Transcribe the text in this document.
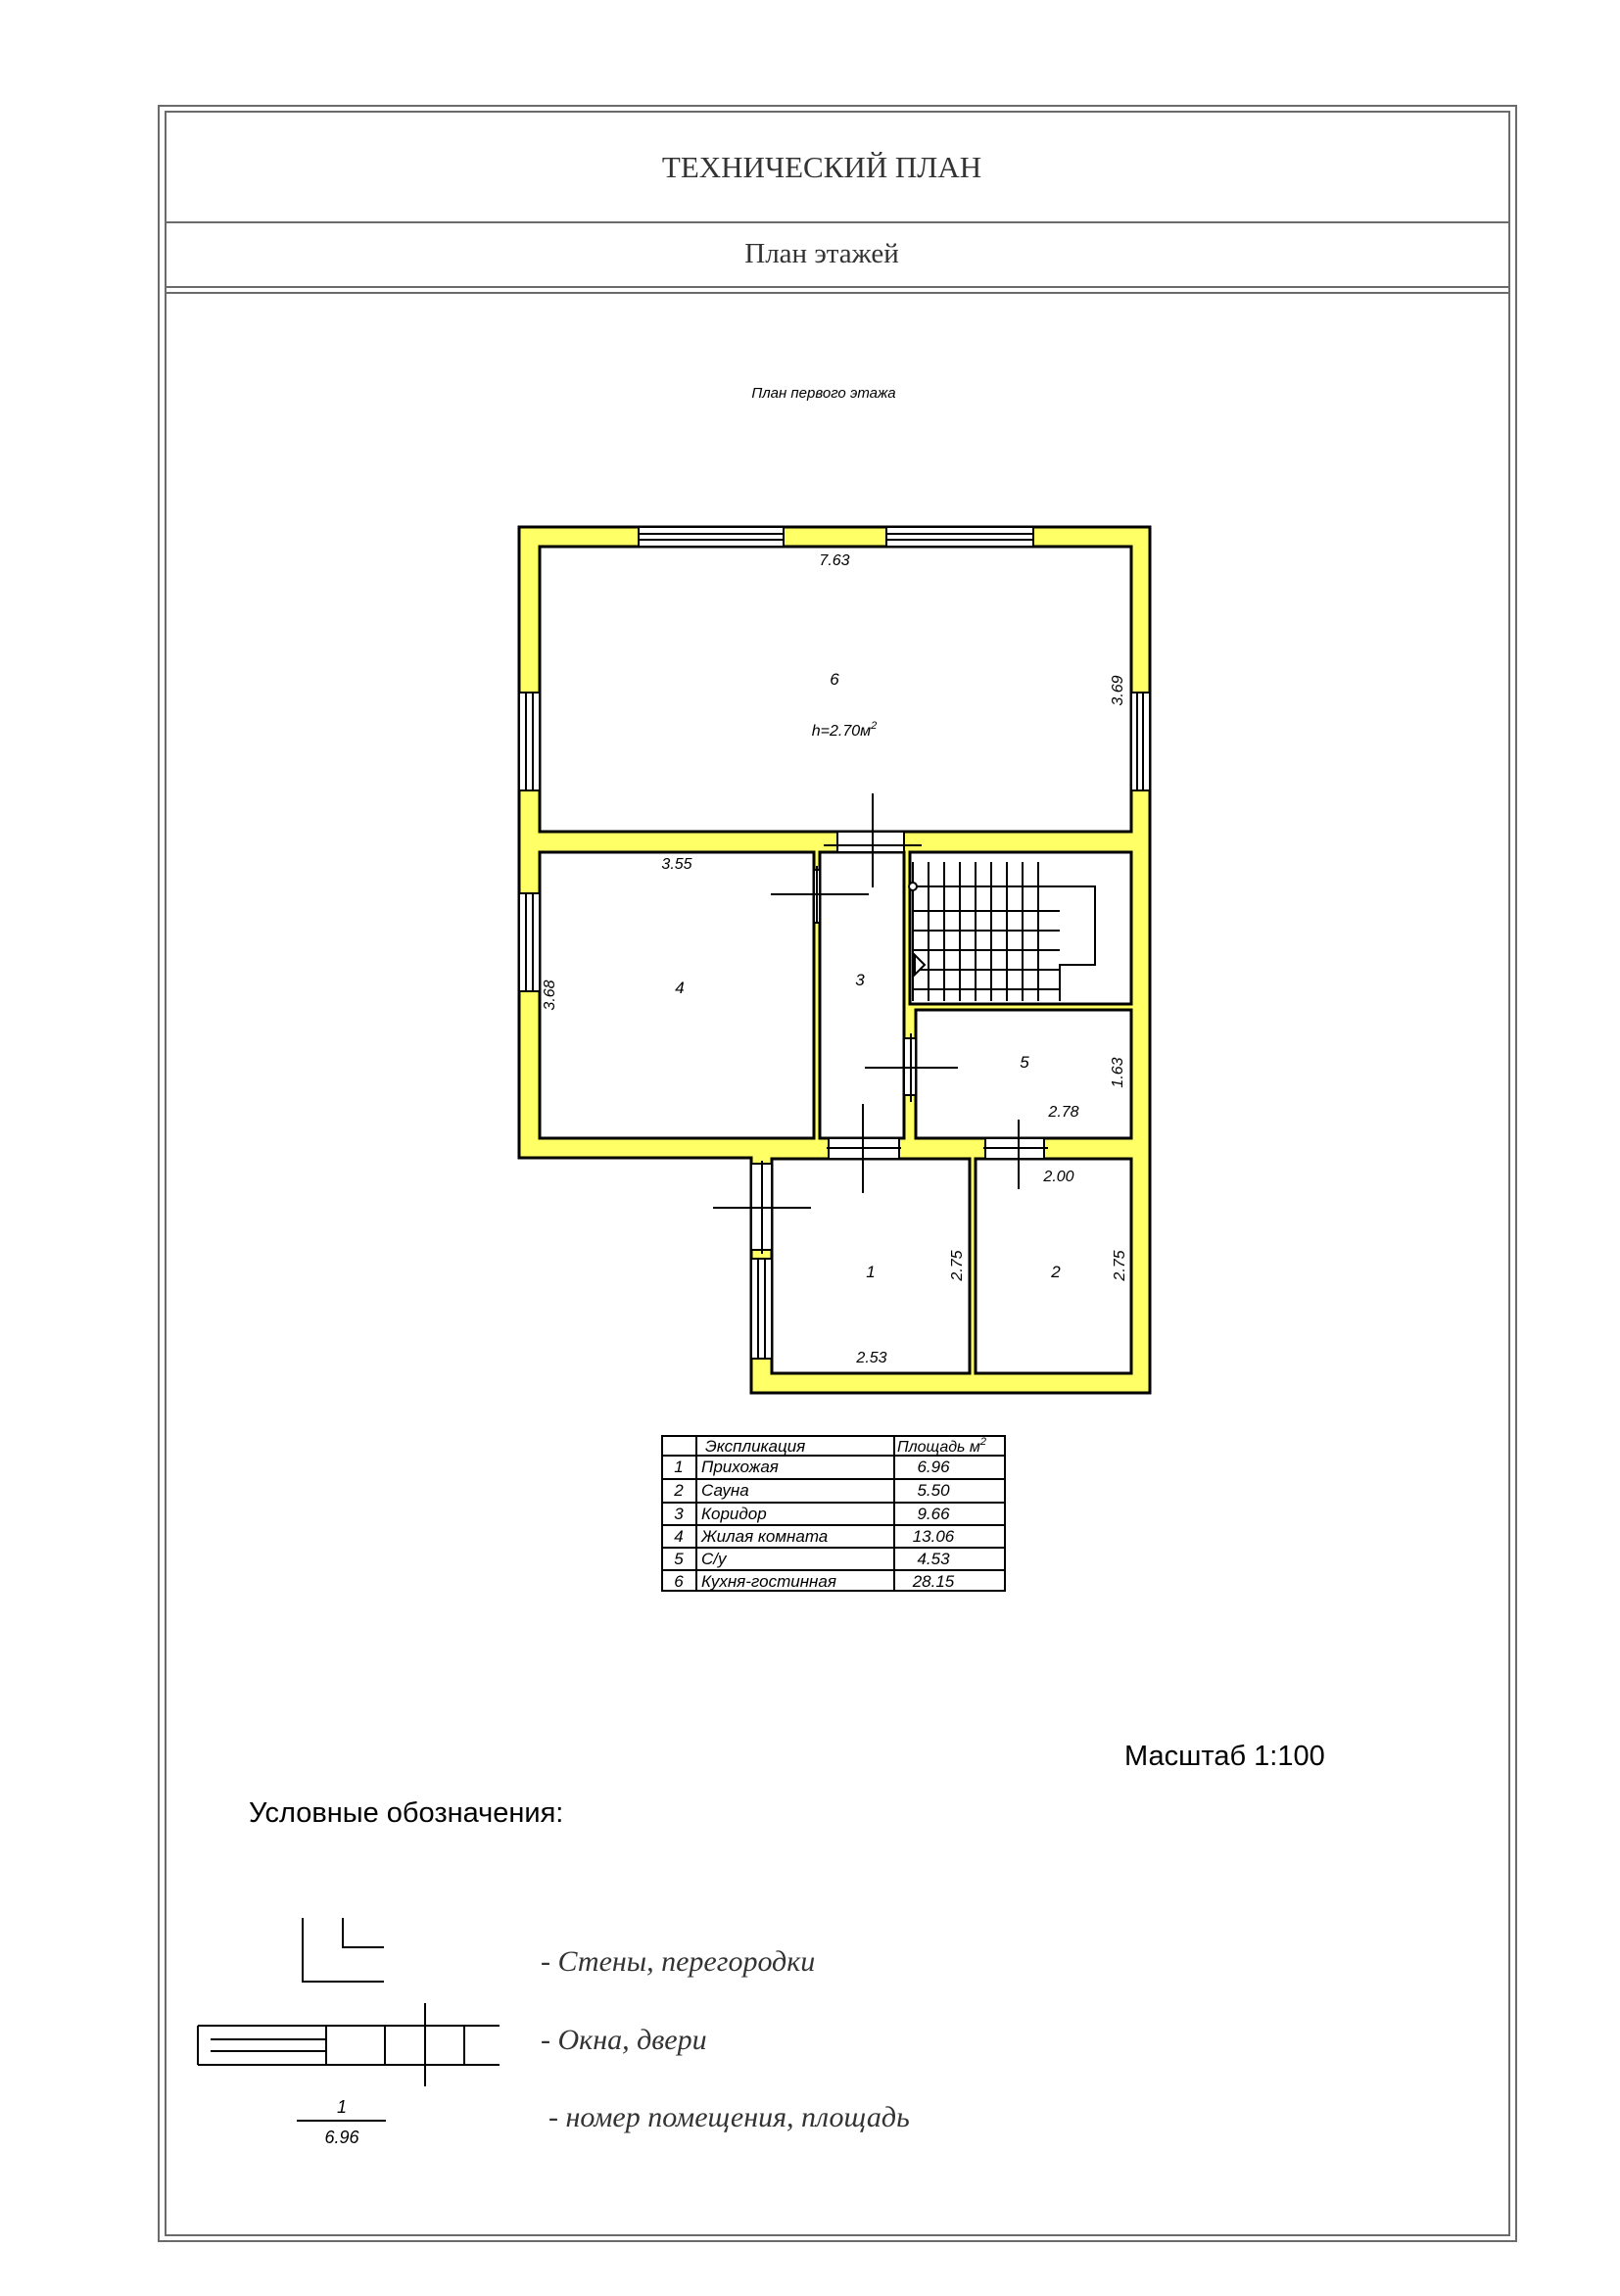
ТЕХНИЧЕСКИЙ ПЛАН
План этажей
План первого этажа
6
4	3
5
1	2
$h=2.70м^2$
7.63
3.69
3.55
3.68
2.78
1.63
2.00
2.53
2.75	2.75
Экспликация	Площадь $м^2$
1 Прихожая	6.96
2 Сауна	5.50
3 Коридор	9.66
4 Жилая комната	13.06
5 С/у	4.53
6 Кухня-гостинная	28.15
Масштаб 1:100
Условные обозначения:
- Стены, перегородки
- Окна, двери
1
6.96
- номер помещения, площадь
